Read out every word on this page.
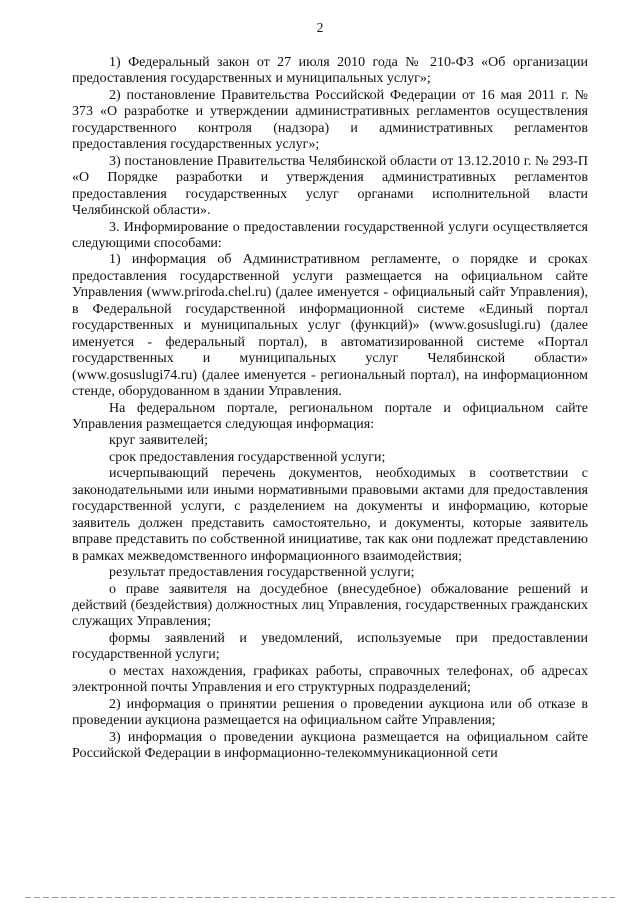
2

1) Федеральный закон от 27 июля 2010 года № 210-ФЗ «Об организации предоставления государственных и муниципальных услуг»;

2) постановление Правительства Российской Федерации от 16 мая 2011 г. № 373 «О разработке и утверждении административных регламентов осуществления государственного контроля (надзора) и административных регламентов предоставления государственных услуг»;

3) постановление Правительства Челябинской области от 13.12.2010 г. № 293-П «О Порядке разработки и утверждения административных регламентов предоставления государственных услуг органами исполнительной власти Челябинской области».

3. Информирование о предоставлении государственной услуги осуществляется следующими способами:

1) информация об Административном регламенте, о порядке и сроках предоставления государственной услуги размещается на официальном сайте Управления (www.priroda.chel.ru) (далее именуется - официальный сайт Управления), в Федеральной государственной информационной системе «Единый портал государственных и муниципальных услуг (функций)» (www.gosuslugi.ru) (далее именуется - федеральный портал), в автоматизированной системе «Портал государственных и муниципальных услуг Челябинской области» (www.gosuslugi74.ru) (далее именуется - региональный портал), на информационном стенде, оборудованном в здании Управления.

На федеральном портале, региональном портале и официальном сайте Управления размещается следующая информация:

круг заявителей;

срок предоставления государственной услуги;

исчерпывающий перечень документов, необходимых в соответствии с законодательными или иными нормативными правовыми актами для предоставления государственной услуги, с разделением на документы и информацию, которые заявитель должен представить самостоятельно, и документы, которые заявитель вправе представить по собственной инициативе, так как они подлежат представлению в рамках межведомственного информационного взаимодействия;

результат предоставления государственной услуги;

о праве заявителя на досудебное (внесудебное) обжалование решений и действий (бездействия) должностных лиц Управления, государственных гражданских служащих Управления;

формы заявлений и уведомлений, используемые при предоставлении государственной услуги;

о местах нахождения, графиках работы, справочных телефонах, об адресах электронной почты Управления и его структурных подразделений;

2) информация о принятии решения о проведении аукциона или об отказе в проведении аукциона размещается на официальном сайте Управления;

3) информация о проведении аукциона размещается на официальном сайте Российской Федерации в информационно-телекоммуникационной сети
